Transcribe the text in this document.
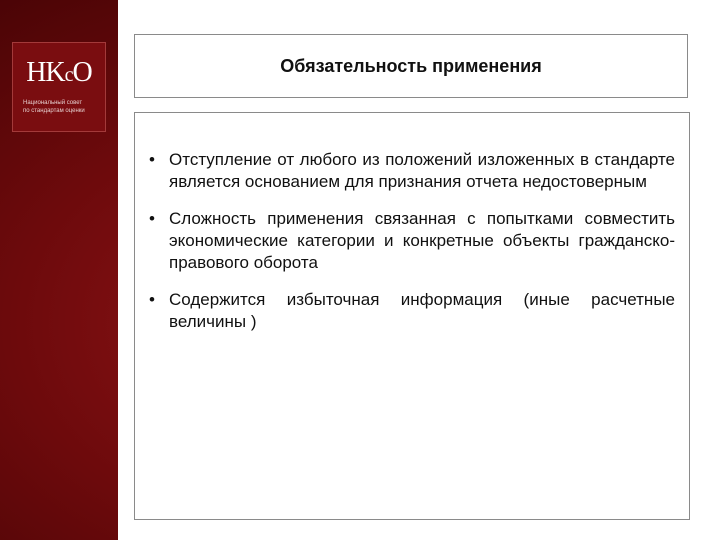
HKcO
Национальный совет
по стандартам оценки
Обязательность применения
• Отступление от любого из положений изложенных в стандарте является основанием для признания отчета недостоверным
• Сложность применения связанная с попытками совместить экономические категории и конкретные объекты гражданско-правового оборота
• Содержится избыточная информация (иные расчетные величины )
